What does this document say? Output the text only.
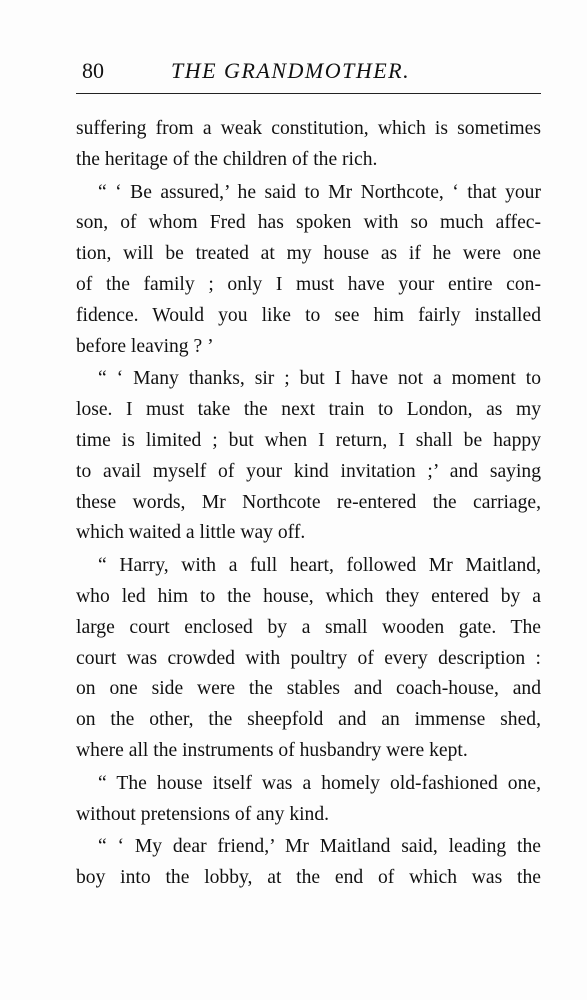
80	THE GRANDMOTHER.
suffering from a weak constitution, which is sometimes
the heritage of the children of the rich.
“ ‘ Be assured,’ he said to Mr Northcote, ‘ that your
son, of whom Fred has spoken with so much affec-
tion, will be treated at my house as if he were one
of the family ; only I must have your entire con-
fidence. Would you like to see him fairly installed
before leaving ? ’
“ ‘ Many thanks, sir ; but I have not a moment to
lose. I must take the next train to London, as my
time is limited ; but when I return, I shall be happy
to avail myself of your kind invitation ;’ and saying
these words, Mr Northcote re-entered the carriage,
which waited a little way off.
“ Harry, with a full heart, followed Mr Maitland,
who led him to the house, which they entered by a
large court enclosed by a small wooden gate. The
court was crowded with poultry of every description :
on one side were the stables and coach-house, and
on the other, the sheepfold and an immense shed,
where all the instruments of husbandry were kept.
“ The house itself was a homely old-fashioned one,
without pretensions of any kind.
“ ‘ My dear friend,’ Mr Maitland said, leading the
boy into the lobby, at the end of which was the
